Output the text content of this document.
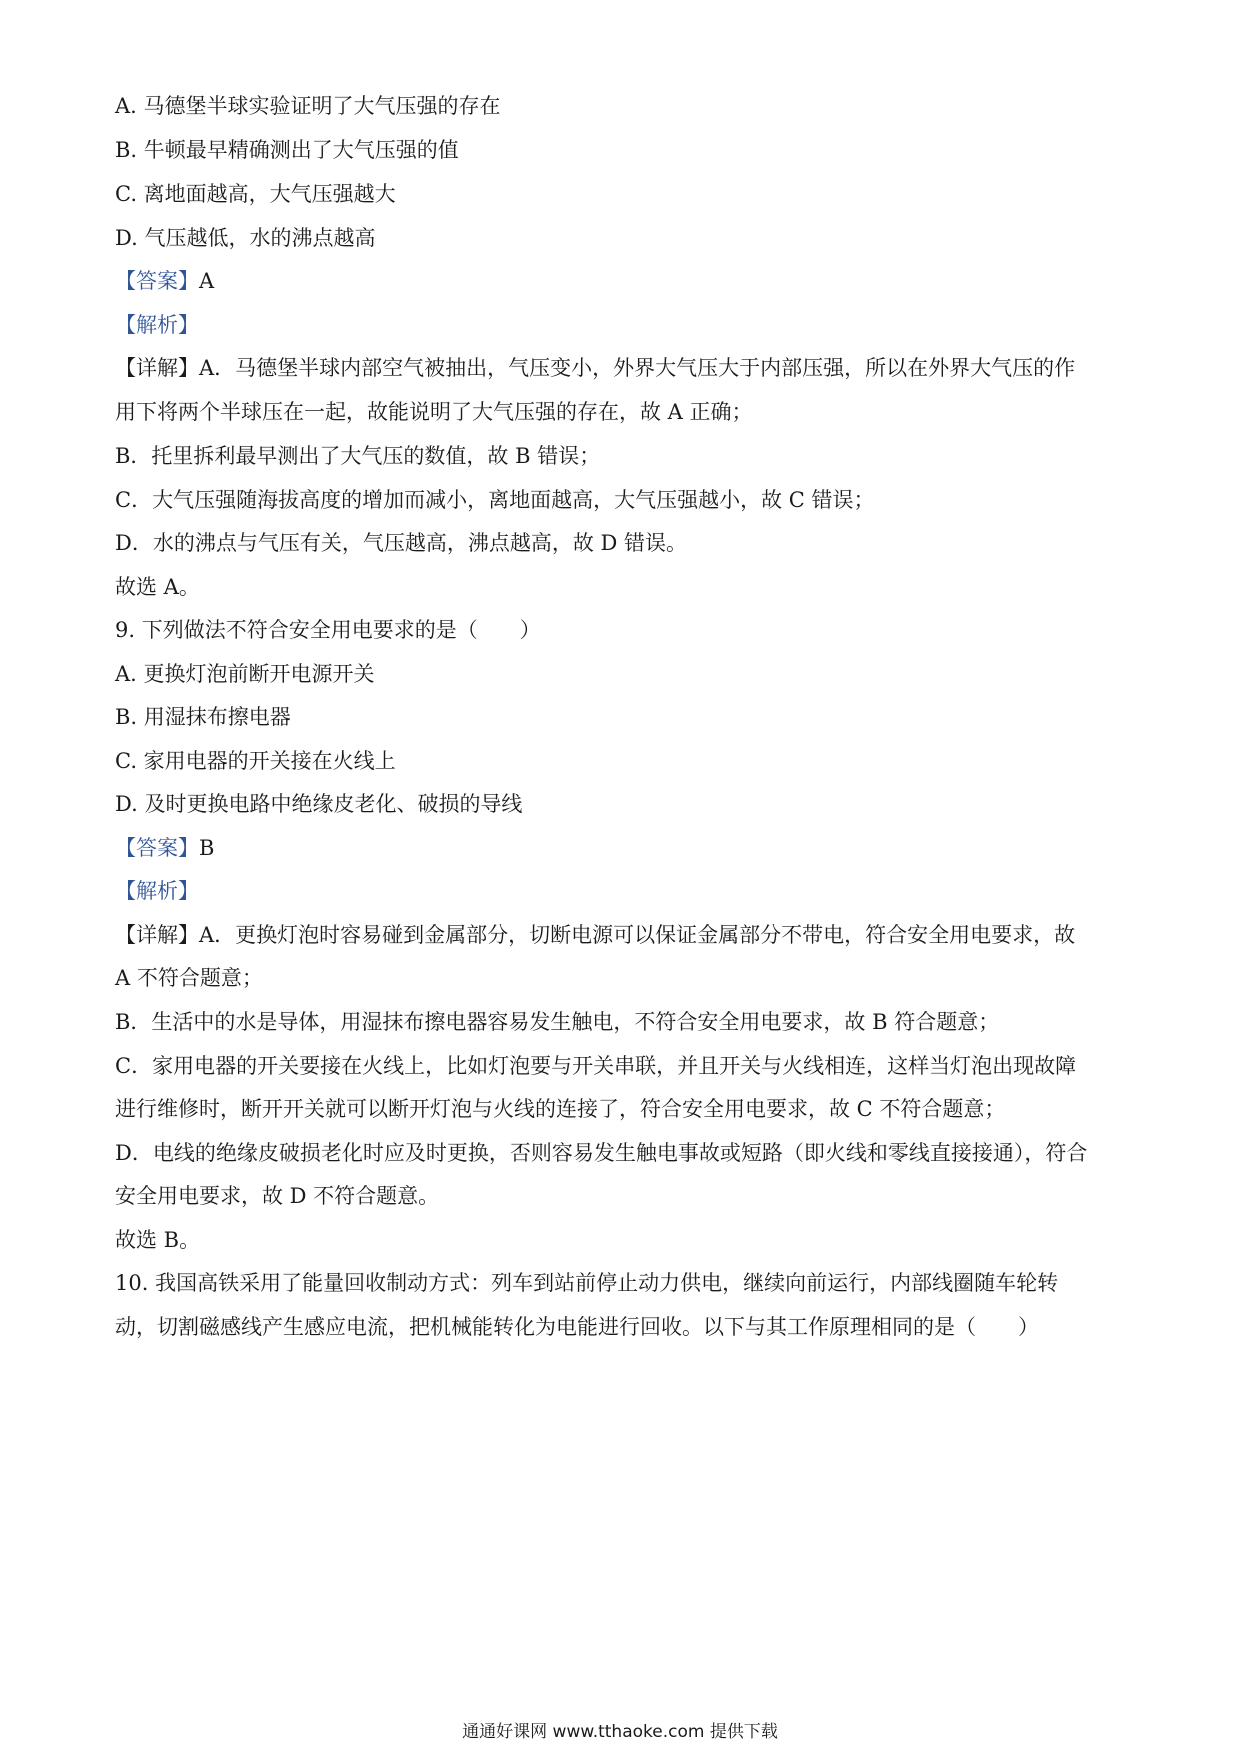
A. 马德堡半球实验证明了大气压强的存在
B. 牛顿最早精确测出了大气压强的值
C. 离地面越高，大气压强越大
D. 气压越低，水的沸点越高
【答案】A
【解析】
【详解】A．马德堡半球内部空气被抽出，气压变小，外界大气压大于内部压强，所以在外界大气压的作
用下将两个半球压在一起，故能说明了大气压强的存在，故 A 正确；
B．托里拆利最早测出了大气压的数值，故 B 错误；
C．大气压强随海拔高度的增加而减小，离地面越高，大气压强越小，故 C 错误；
D．水的沸点与气压有关，气压越高，沸点越高，故 D 错误。
故选 A。
9. 下列做法不符合安全用电要求的是（　　）
A. 更换灯泡前断开电源开关
B. 用湿抹布擦电器
C. 家用电器的开关接在火线上
D. 及时更换电路中绝缘皮老化、破损的导线
【答案】B
【解析】
【详解】A．更换灯泡时容易碰到金属部分，切断电源可以保证金属部分不带电，符合安全用电要求，故
A 不符合题意；
B．生活中的水是导体，用湿抹布擦电器容易发生触电，不符合安全用电要求，故 B 符合题意；
C．家用电器的开关要接在火线上，比如灯泡要与开关串联，并且开关与火线相连，这样当灯泡出现故障
进行维修时，断开开关就可以断开灯泡与火线的连接了，符合安全用电要求，故 C 不符合题意；
D．电线的绝缘皮破损老化时应及时更换，否则容易发生触电事故或短路（即火线和零线直接接通），符合
安全用电要求，故 D 不符合题意。
故选 B。
10. 我国高铁采用了能量回收制动方式：列车到站前停止动力供电，继续向前运行，内部线圈随车轮转
动，切割磁感线产生感应电流，把机械能转化为电能进行回收。以下与其工作原理相同的是（　　）
通通好课网 www.tthaoke.com 提供下载
